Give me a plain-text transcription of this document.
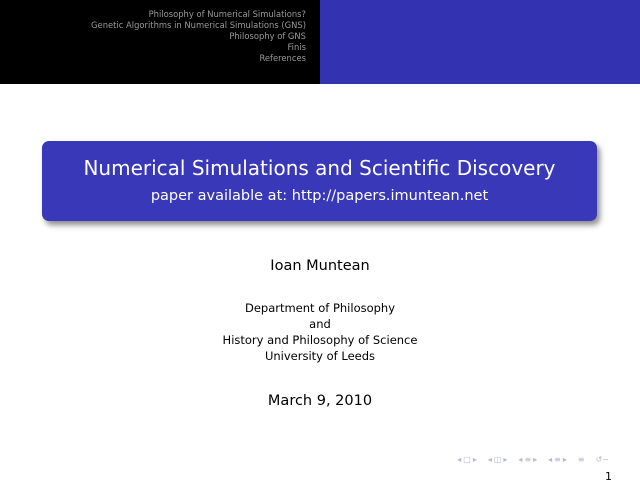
Philosophy of Numerical Simulations?
Genetic Algorithms in Numerical Simulations (GNS)
Philosophy of GNS
Finis
References
Numerical Simulations and Scientific Discovery
paper available at: http://papers.imuntean.net
Ioan Muntean
Department of Philosophy
and
History and Philosophy of Science
University of Leeds
March 9, 2010
◂ □ ▸ ◂ ◫ ▸ ◂ ≡ ▸ ◂ ≡ ▸ ≡ ↺∽
1
